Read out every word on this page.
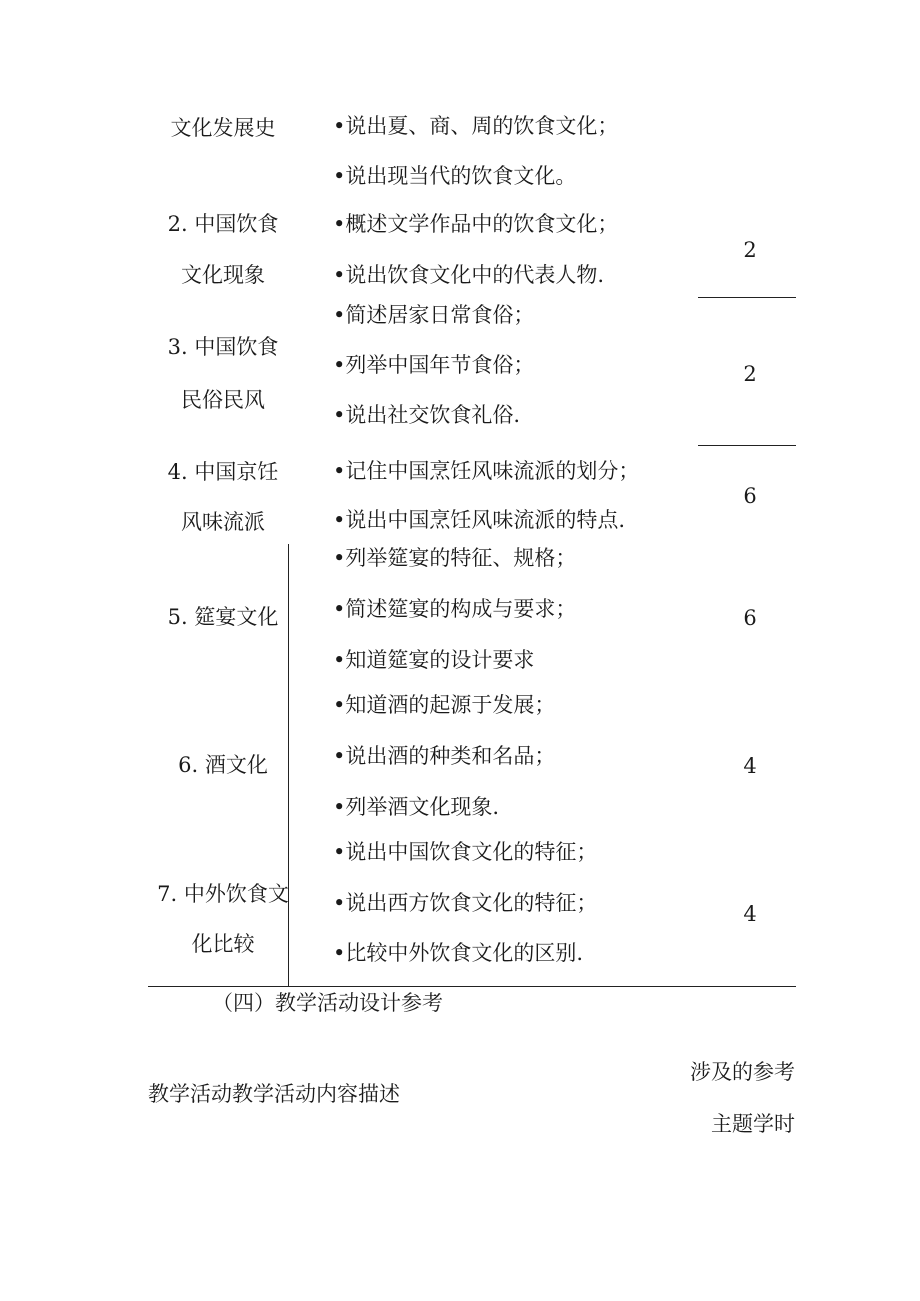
文化发展史	•说出夏、商、周的饮食文化；
•说出现当代的饮食文化。
2. 中国饮食
文化现象
•概述文学作品中的饮食文化；
•说出饮食文化中的代表人物.
2
3. 中国饮食
民俗民风
•简述居家日常食俗；
•列举中国年节食俗；
•说出社交饮食礼俗.
2
4. 中国京饪
风味流派
•记住中国烹饪风味流派的划分；
•说出中国烹饪风味流派的特点.
6
5. 筵宴文化
•列举筵宴的特征、规格；
•简述筵宴的构成与要求；
•知道筵宴的设计要求
6
6. 酒文化
•知道酒的起源于发展；
•说出酒的种类和名品；
•列举酒文化现象.
4
7. 中外饮食文
化比较
•说出中国饮食文化的特征；
•说出西方饮食文化的特征；
•比较中外饮食文化的区别.
4
（四）教学活动设计参考
教学活动教学活动内容描述
涉及的参考
主题学时
